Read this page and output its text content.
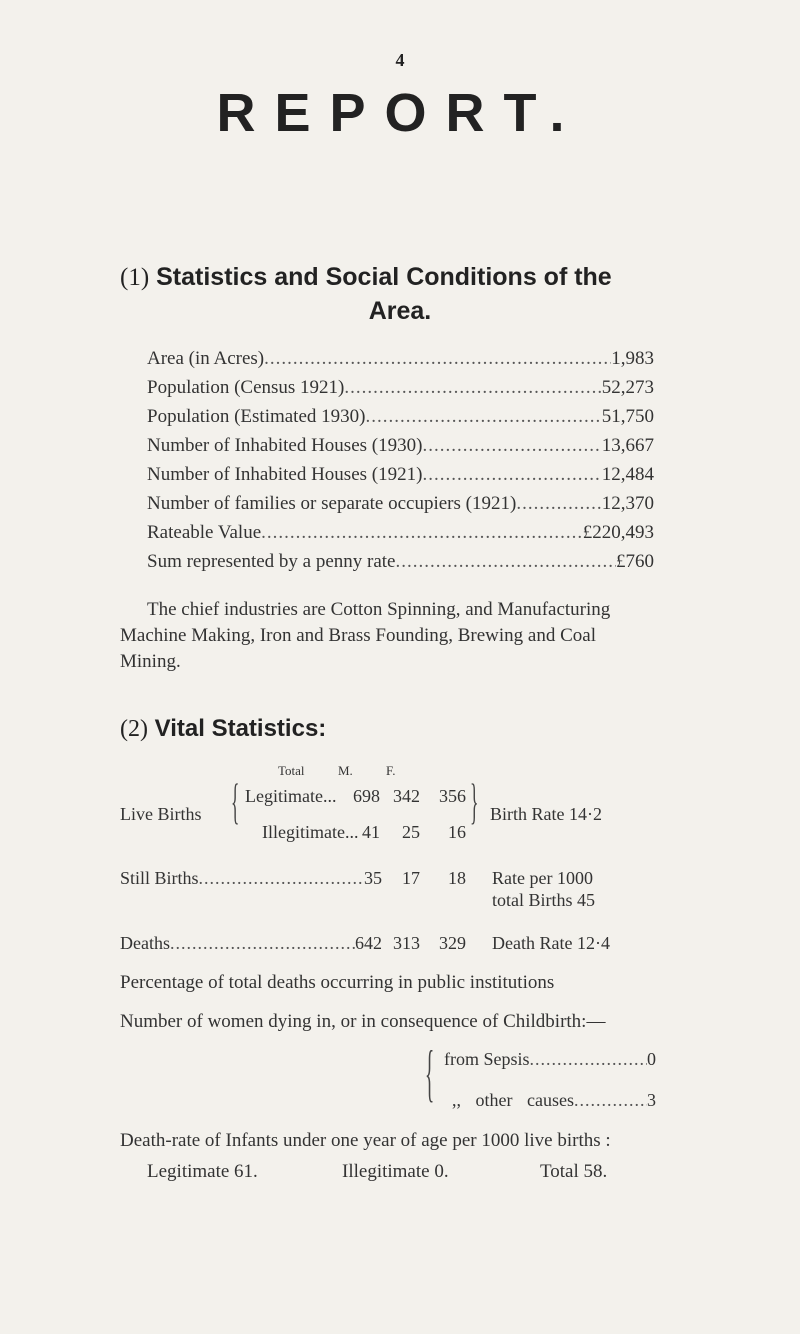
4
REPORT.
(1) Statistics and Social Conditions of the
Area.
Area (in Acres) .....	1,983
Population (Census 1921) .....	52,273
Population (Estimated 1930) .....	51,750
Number of Inhabited Houses (1930) .....	13,667
Number of Inhabited Houses (1921) .....	12,484
Number of families or separate occupiers (1921) .....	12,370
Rateable Value .....	£220,493
Sum represented by a penny rate .....	£760
The chief industries are Cotton Spinning, and Manufacturing Machine Making, Iron and Brass Founding, Brewing and Coal Mining.
(2) Vital Statistics:
Total	M.	F.
Live Births { Legitimate... 698 342	356
Illegitimate... 41	25	16
} Birth Rate 14·2
Still Births .....	35	17	18 Rate per 1000
total Births 45
Deaths .....	642 313	329 Death Rate 12·4
Percentage of total deaths occurring in public institutions
Number of women dying in, or in consequence of Childbirth:—
{ from Sepsis .....	0
,, other causes .....	3
Death-rate of Infants under one year of age per 1000 live births :
Legitimate 61.	Illegitimate 0.	Total 58.
